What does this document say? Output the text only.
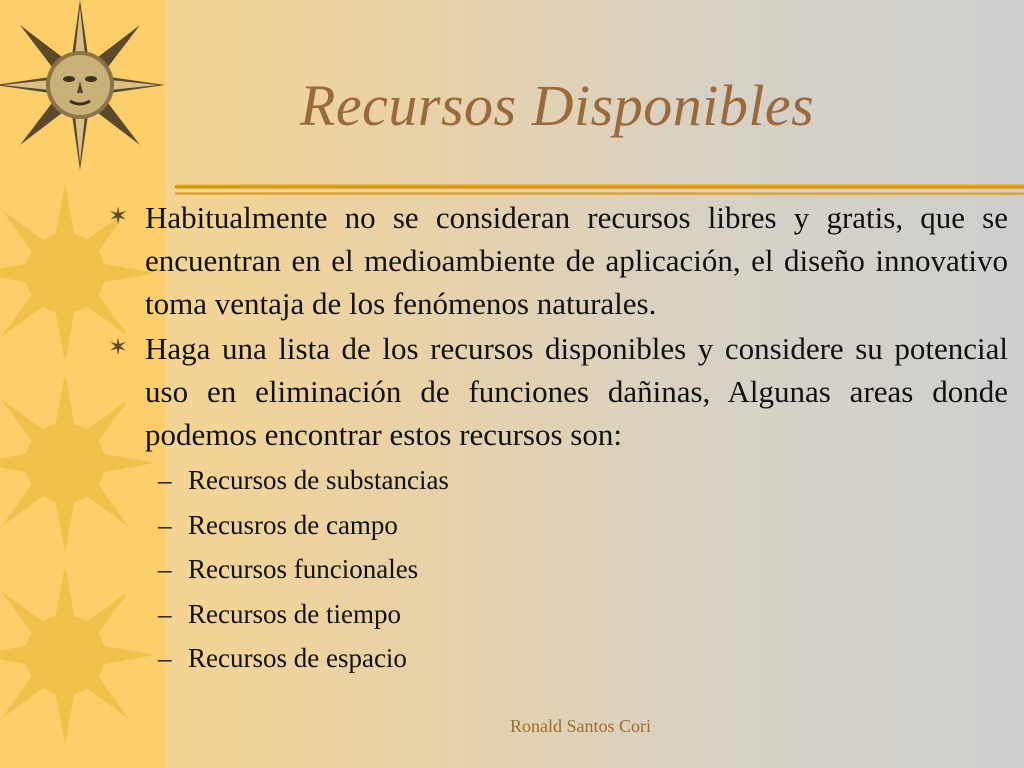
Recursos Disponibles
✶ Habitualmente no se consideran recursos libres y gratis, que se encuentran en el medioambiente de aplicación, el diseño innovativo toma ventaja de los fenómenos naturales.
✶ Haga una lista de los recursos disponibles y considere su potencial uso en eliminación de funciones dañinas, Algunas areas donde podemos encontrar estos recursos son:
– Recursos de substancias
– Recusros de campo
– Recursos funcionales
– Recursos de tiempo
– Recursos de espacio
Ronald Santos Cori
